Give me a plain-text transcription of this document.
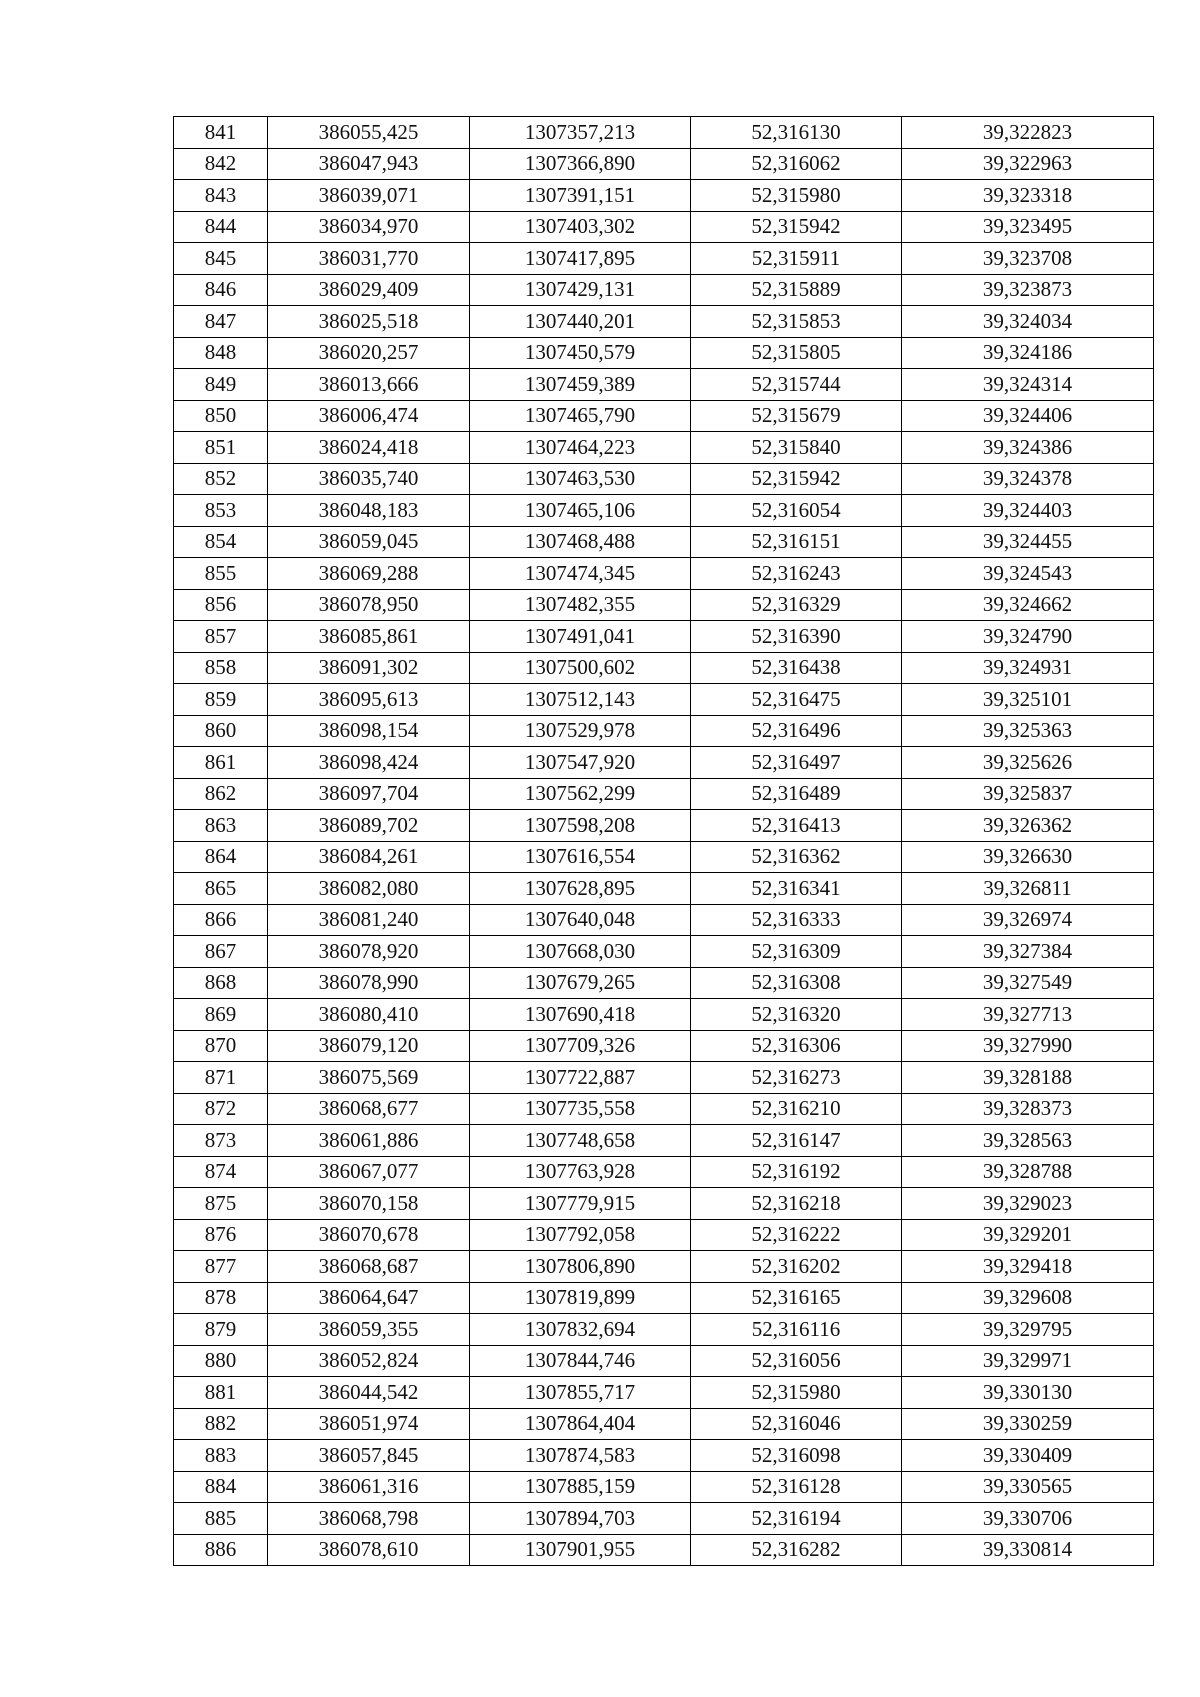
841	386055,425	1307357,213	52,316130	39,322823
842	386047,943	1307366,890	52,316062	39,322963
843	386039,071	1307391,151	52,315980	39,323318
844	386034,970	1307403,302	52,315942	39,323495
845	386031,770	1307417,895	52,315911	39,323708
846	386029,409	1307429,131	52,315889	39,323873
847	386025,518	1307440,201	52,315853	39,324034
848	386020,257	1307450,579	52,315805	39,324186
849	386013,666	1307459,389	52,315744	39,324314
850	386006,474	1307465,790	52,315679	39,324406
851	386024,418	1307464,223	52,315840	39,324386
852	386035,740	1307463,530	52,315942	39,324378
853	386048,183	1307465,106	52,316054	39,324403
854	386059,045	1307468,488	52,316151	39,324455
855	386069,288	1307474,345	52,316243	39,324543
856	386078,950	1307482,355	52,316329	39,324662
857	386085,861	1307491,041	52,316390	39,324790
858	386091,302	1307500,602	52,316438	39,324931
859	386095,613	1307512,143	52,316475	39,325101
860	386098,154	1307529,978	52,316496	39,325363
861	386098,424	1307547,920	52,316497	39,325626
862	386097,704	1307562,299	52,316489	39,325837
863	386089,702	1307598,208	52,316413	39,326362
864	386084,261	1307616,554	52,316362	39,326630
865	386082,080	1307628,895	52,316341	39,326811
866	386081,240	1307640,048	52,316333	39,326974
867	386078,920	1307668,030	52,316309	39,327384
868	386078,990	1307679,265	52,316308	39,327549
869	386080,410	1307690,418	52,316320	39,327713
870	386079,120	1307709,326	52,316306	39,327990
871	386075,569	1307722,887	52,316273	39,328188
872	386068,677	1307735,558	52,316210	39,328373
873	386061,886	1307748,658	52,316147	39,328563
874	386067,077	1307763,928	52,316192	39,328788
875	386070,158	1307779,915	52,316218	39,329023
876	386070,678	1307792,058	52,316222	39,329201
877	386068,687	1307806,890	52,316202	39,329418
878	386064,647	1307819,899	52,316165	39,329608
879	386059,355	1307832,694	52,316116	39,329795
880	386052,824	1307844,746	52,316056	39,329971
881	386044,542	1307855,717	52,315980	39,330130
882	386051,974	1307864,404	52,316046	39,330259
883	386057,845	1307874,583	52,316098	39,330409
884	386061,316	1307885,159	52,316128	39,330565
885	386068,798	1307894,703	52,316194	39,330706
886	386078,610	1307901,955	52,316282	39,330814
